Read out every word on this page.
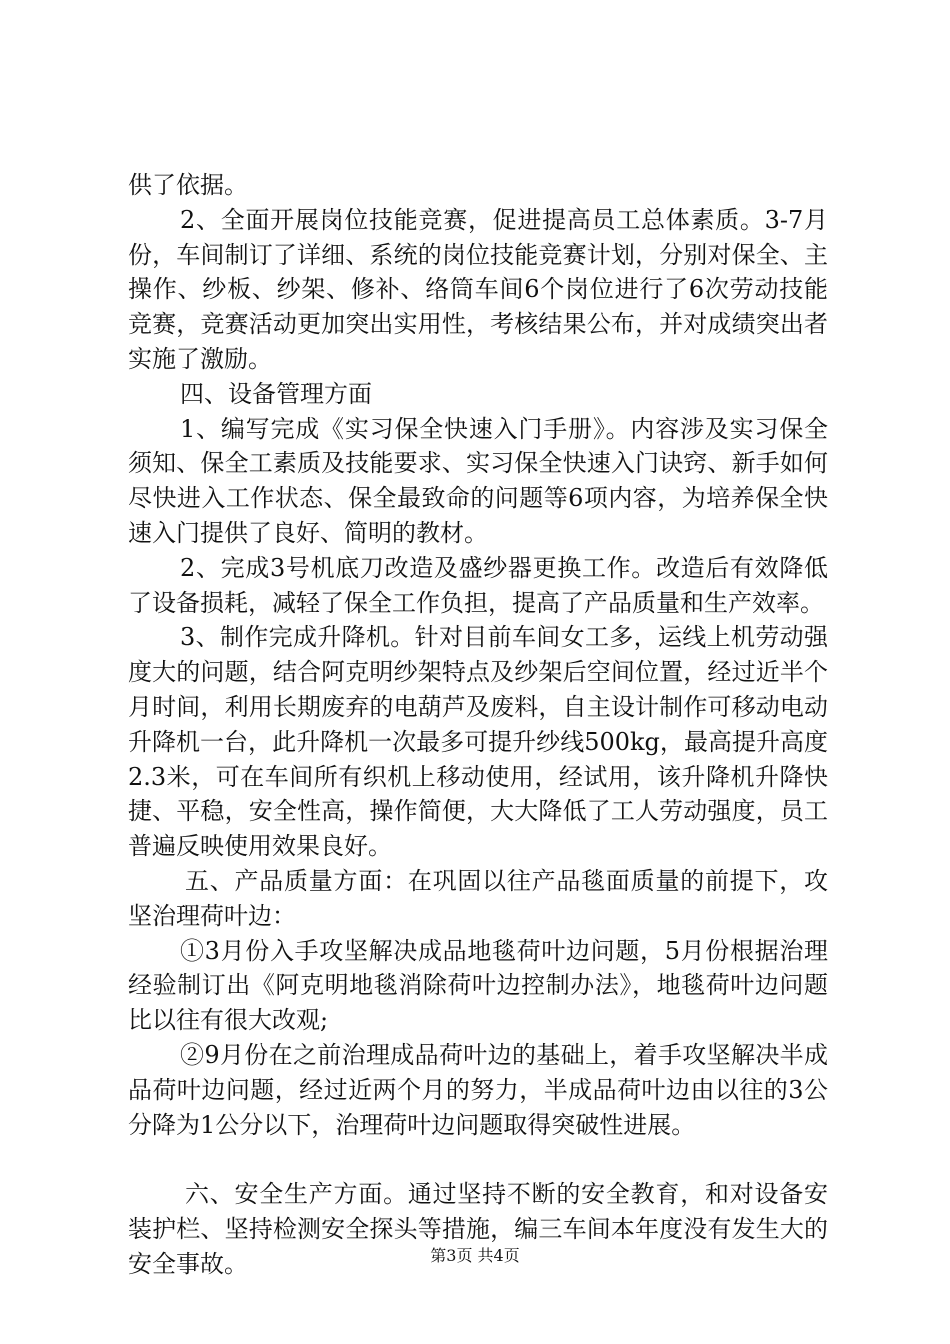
供了依据。

2、全面开展岗位技能竞赛，促进提高员工总体素质。3-7月份，车间制订了详细、系统的岗位技能竞赛计划，分别对保全、主操作、纱板、纱架、修补、络筒车间6个岗位进行了6次劳动技能竞赛，竞赛活动更加突出实用性，考核结果公布，并对成绩突出者实施了激励。

四、设备管理方面

1、编写完成《实习保全快速入门手册》。内容涉及实习保全须知、保全工素质及技能要求、实习保全快速入门诀窍、新手如何尽快进入工作状态、保全最致命的问题等6项内容，为培养保全快速入门提供了良好、简明的教材。

2、完成3号机底刀改造及盛纱器更换工作。改造后有效降低了设备损耗，减轻了保全工作负担，提高了产品质量和生产效率。

3、制作完成升降机。针对目前车间女工多，运线上机劳动强度大的问题，结合阿克明纱架特点及纱架后空间位置，经过近半个月时间，利用长期废弃的电葫芦及废料，自主设计制作可移动电动升降机一台，此升降机一次最多可提升纱线500kg，最高提升高度2.3米，可在车间所有织机上移动使用，经试用，该升降机升降快捷、平稳，安全性高，操作简便，大大降低了工人劳动强度，员工普遍反映使用效果良好。

五、产品质量方面：在巩固以往产品毯面质量的前提下，攻坚治理荷叶边：

①3月份入手攻坚解决成品地毯荷叶边问题，5月份根据治理经验制订出《阿克明地毯消除荷叶边控制办法》，地毯荷叶边问题比以往有很大改观;

②9月份在之前治理成品荷叶边的基础上，着手攻坚解决半成品荷叶边问题，经过近两个月的努力，半成品荷叶边由以往的3公分降为1公分以下，治理荷叶边问题取得突破性进展。

六、安全生产方面。通过坚持不断的安全教育，和对设备安装护栏、坚持检测安全探头等措施，编三车间本年度没有发生大的安全事故。	第3页 共4页
